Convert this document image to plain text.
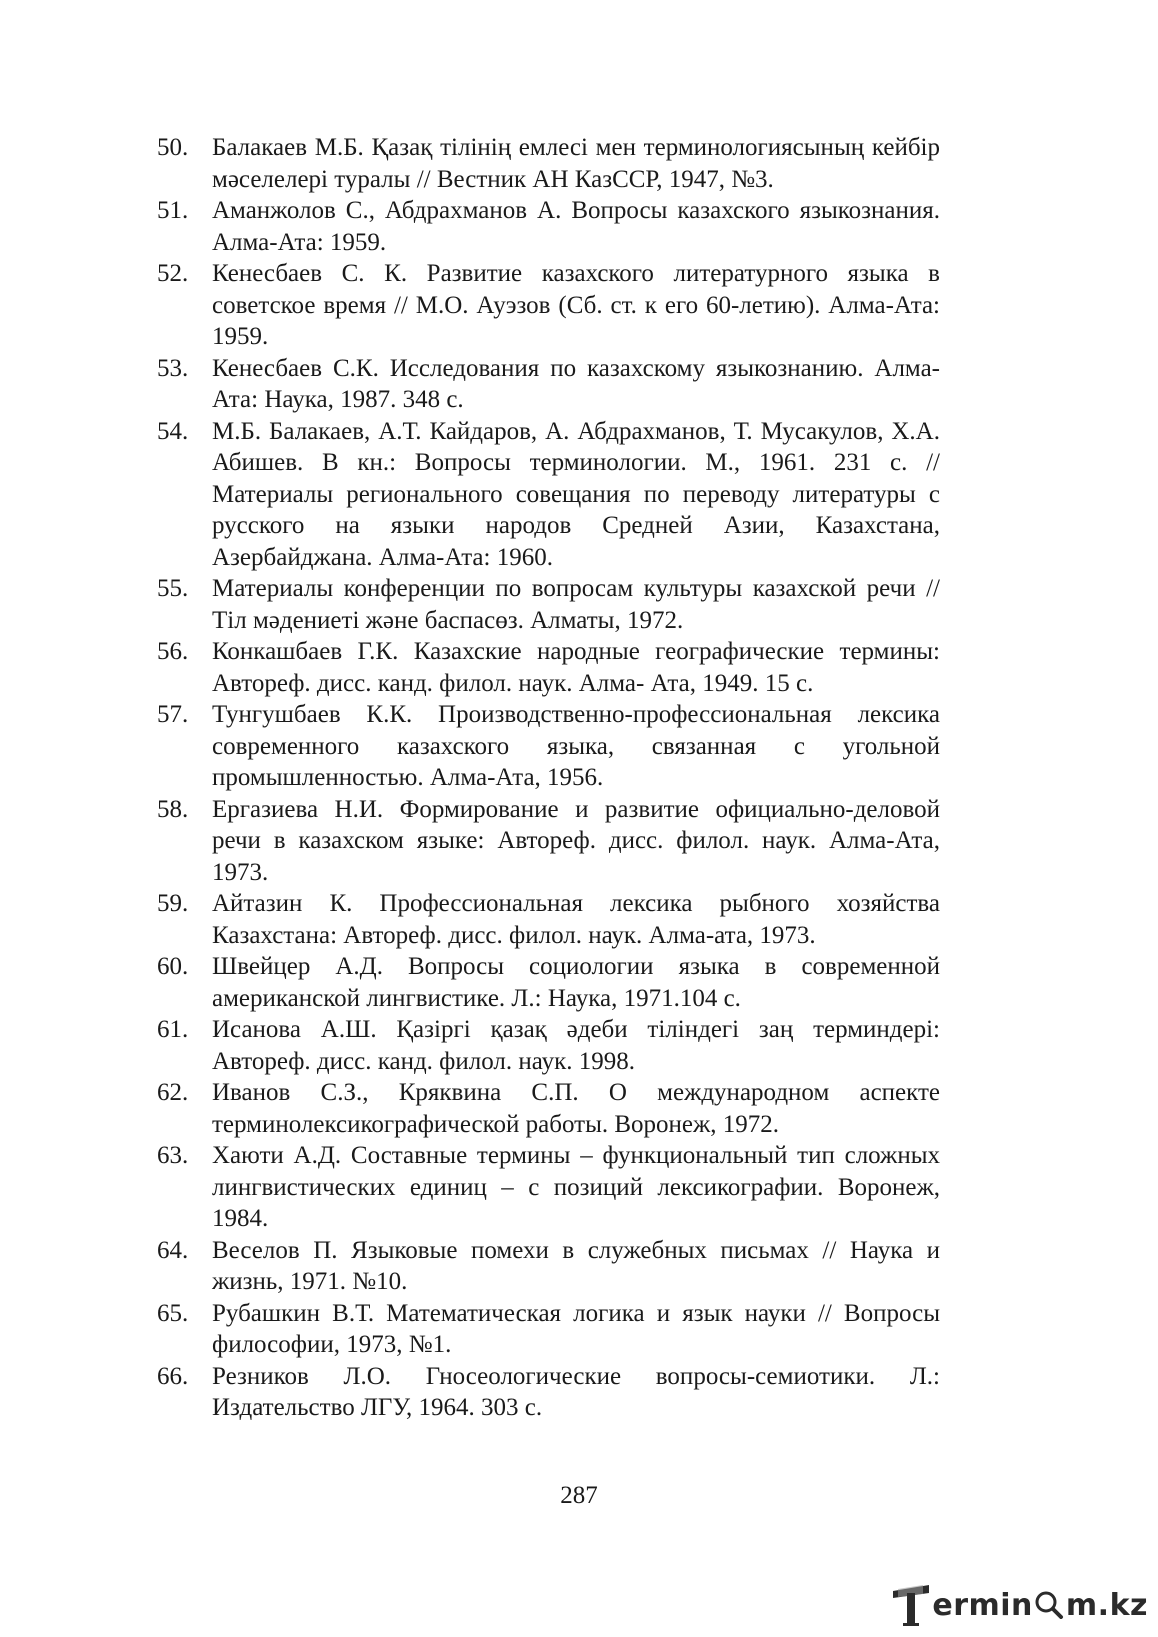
50. Балакаев М.Б. Қазақ тілінің емлесі мен терминологиясының кейбір мәселелері туралы // Вестник АН КазССР, 1947, №3.
51. Аманжолов С., Абдрахманов А. Вопросы казахского языкознания. Алма-Ата: 1959.
52. Кенесбаев С. К. Развитие казахского литературного языка в советское время // М.О. Ауэзов (Сб. ст. к его 60-летию). Алма-Ата: 1959.
53. Кенесбаев С.К. Исследования по казахскому языкознанию. Алма-Ата: Наука, 1987. 348 с.
54. М.Б. Балакаев, А.Т. Кайдаров, А. Абдрахманов, Т. Мусакулов, Х.А. Абишев. В кн.: Вопросы терминологии. М., 1961. 231 с. // Материалы регионального совещания по переводу литературы с русского на языки народов Средней Азии, Казахстана, Азербайджана. Алма-Ата: 1960.
55. Материалы конференции по вопросам культуры казахской речи // Тіл мәдениеті және баспасөз. Алматы, 1972.
56. Конкашбаев Г.К. Казахские народные географические термины: Автореф. дисс. канд. филол. наук. Алма- Ата, 1949. 15 с.
57. Тунгушбаев К.К. Производственно-профессиональная лексика современного казахского языка, связанная с угольной промышленностью. Алма-Ата, 1956.
58. Ергазиева Н.И. Формирование и развитие официально-деловой речи в казахском языке: Автореф. дисс. филол. наук. Алма-Ата, 1973.
59. Айтазин К. Профессиональная лексика рыбного хозяйства Казахстана: Автореф. дисс. филол. наук. Алма-ата, 1973.
60. Швейцер А.Д. Вопросы социологии языка в современной американской лингвистике. Л.: Наука, 1971.104 с.
61. Исанова А.Ш. Қазіргі қазақ әдеби тіліндегі заң терминдері: Автореф. дисс. канд. филол. наук. 1998.
62. Иванов С.З., Кряквина С.П. О международном аспекте терминолексикографической работы. Воронеж, 1972.
63. Хаюти А.Д. Составные термины – функциональный тип сложных лингвистических единиц – с позиций лексикографии. Воронеж, 1984.
64. Веселов П. Языковые помехи в служебных письмах // Наука и жизнь, 1971. №10.
65. Рубашкин В.Т. Математическая логика и язык науки // Вопросы философии, 1973, №1.
66. Резников Л.О. Гносеологические вопросы-семиотики. Л.: Издательство ЛГУ, 1964. 303 с.
287
ermin m.kz
